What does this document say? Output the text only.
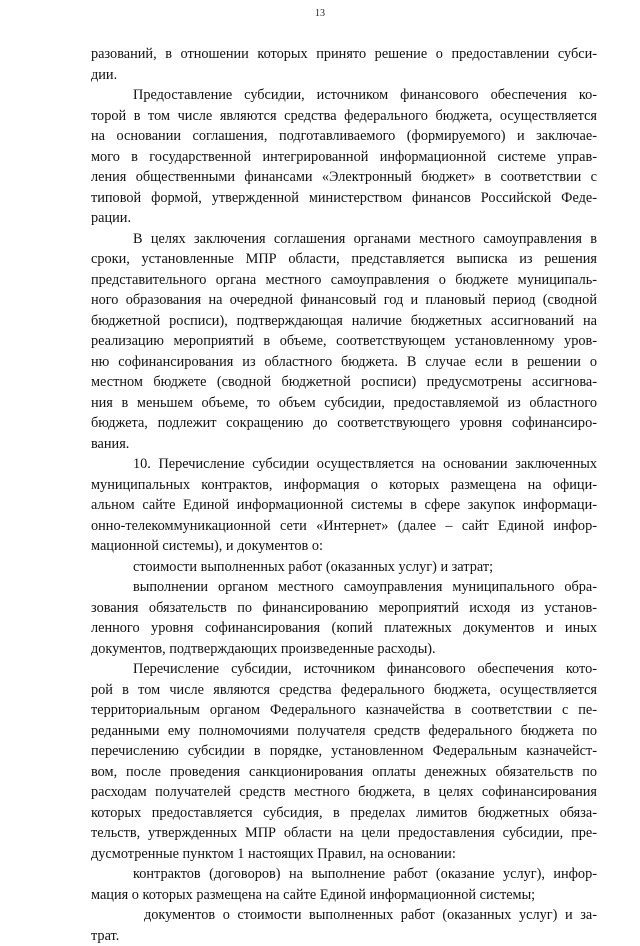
13
разований, в отношении которых принято решение о предоставлении субси-
дии.
Предоставление субсидии, источником финансового обеспечения ко-
торой в том числе являются средства федерального бюджета, осуществляется
на основании соглашения, подготавливаемого (формируемого) и заключае-
мого в государственной интегрированной информационной системе управ-
ления общественными финансами «Электронный бюджет» в соответствии с
типовой формой, утвержденной министерством финансов Российской Феде-
рации.
В целях заключения соглашения органами местного самоуправления в
сроки, установленные МПР области, представляется выписка из решения
представительного органа местного самоуправления о бюджете муниципаль-
ного образования на очередной финансовый год и плановый период (сводной
бюджетной росписи), подтверждающая наличие бюджетных ассигнований на
реализацию мероприятий в объеме, соответствующем установленному уров-
ню софинансирования из областного бюджета. В случае если в решении о
местном бюджете (сводной бюджетной росписи) предусмотрены ассигнова-
ния в меньшем объеме, то объем субсидии, предоставляемой из областного
бюджета, подлежит сокращению до соответствующего уровня софинансиро-
вания.
10. Перечисление субсидии осуществляется на основании заключенных
муниципальных контрактов, информация о которых размещена на офици-
альном сайте Единой информационной системы в сфере закупок информаци-
онно-телекоммуникационной сети «Интернет» (далее – сайт Единой инфор-
мационной системы), и документов о:
стоимости выполненных работ (оказанных услуг) и затрат;
выполнении органом местного самоуправления муниципального обра-
зования обязательств по финансированию мероприятий исходя из установ-
ленного уровня софинансирования (копий платежных документов и иных
документов, подтверждающих произведенные расходы).
Перечисление субсидии, источником финансового обеспечения кото-
рой в том числе являются средства федерального бюджета, осуществляется
территориальным органом Федерального казначейства в соответствии с пе-
реданными ему полномочиями получателя средств федерального бюджета по
перечислению субсидии в порядке, установленном Федеральным казначейст-
вом, после проведения санкционирования оплаты денежных обязательств по
расходам получателей средств местного бюджета, в целях софинансирования
которых предоставляется субсидия, в пределах лимитов бюджетных обяза-
тельств, утвержденных МПР области на цели предоставления субсидии, пре-
дусмотренные пунктом 1 настоящих Правил, на основании:
контрактов (договоров) на выполнение работ (оказание услуг), инфор-
мация о которых размещена на сайте Единой информационной системы;
документов о стоимости выполненных работ (оказанных услуг) и за-
трат.
